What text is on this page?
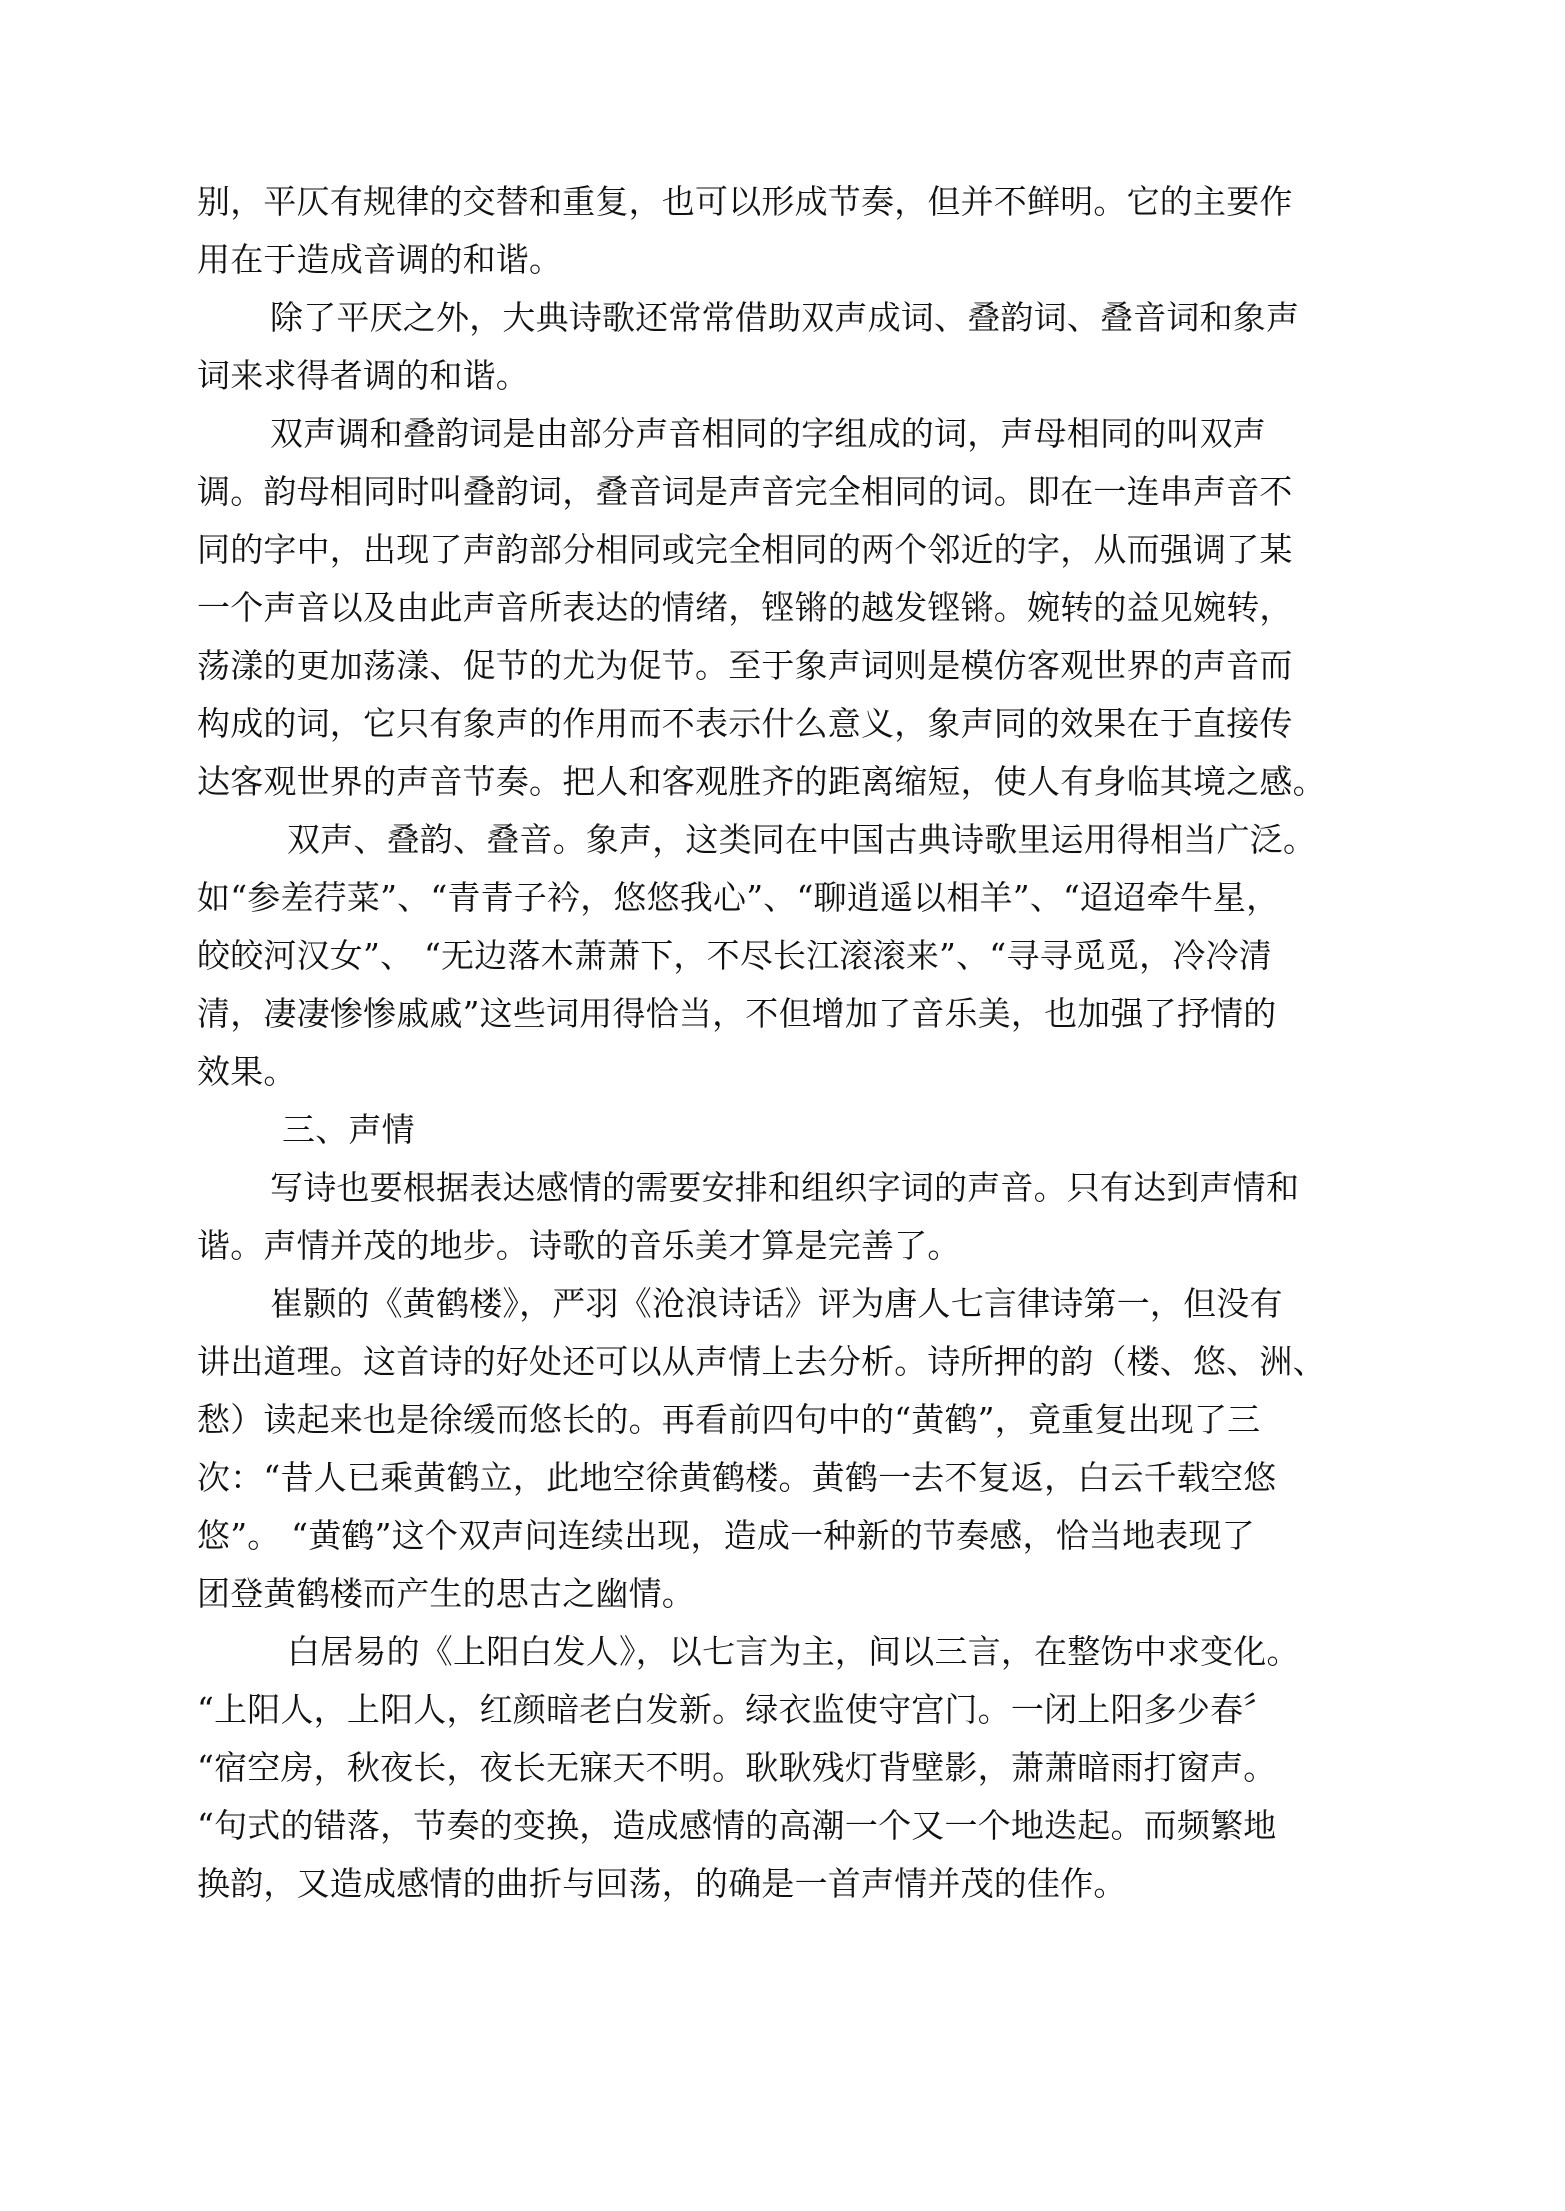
别，平仄有规律的交替和重复，也可以形成节奏，但并不鲜明。它的主要作
用在于造成音调的和谐。
除了平厌之外，大典诗歌还常常借助双声成词、叠韵词、叠音词和象声
词来求得者调的和谐。
双声调和叠韵词是由部分声音相同的字组成的词，声母相同的叫双声
调。韵母相同时叫叠韵词，叠音词是声音完全相同的词。即在一连串声音不
同的字中，出现了声韵部分相同或完全相同的两个邻近的字，从而强调了某
一个声音以及由此声音所表达的情绪，铿锵的越发铿锵。婉转的益见婉转，
荡漾的更加荡漾、促节的尤为促节。至于象声词则是模仿客观世界的声音而
构成的词，它只有象声的作用而不表示什么意义，象声同的效果在于直接传
达客观世界的声音节奏。把人和客观胜齐的距离缩短，使人有身临其境之感。
双声、叠韵、叠音。象声，这类同在中国古典诗歌里运用得相当广泛。
如“参差荇菜”、“青青子衿，悠悠我心”、“聊逍遥以相羊”、“迢迢牵牛星，
皎皎河汉女”、 “无边落木萧萧下，不尽长江滚滚来”、“寻寻觅觅，冷冷清
清，凄凄惨惨戚戚”这些词用得恰当，不但增加了音乐美，也加强了抒情的
效果。
三、声情
写诗也要根据表达感情的需要安排和组织字词的声音。只有达到声情和
谐。声情并茂的地步。诗歌的音乐美才算是完善了。
崔颢的《黄鹤楼》，严羽《沧浪诗话》评为唐人七言律诗第一，但没有
讲出道理。这首诗的好处还可以从声情上去分析。诗所押的韵（楼、悠、洲、
愁）读起来也是徐缓而悠长的。再看前四句中的“黄鹤”，竟重复出现了三
次：“昔人已乘黄鹤立，此地空徐黄鹤楼。黄鹤一去不复返，白云千载空悠
悠”。 “黄鹤”这个双声问连续出现，造成一种新的节奏感，恰当地表现了
团登黄鹤楼而产生的思古之幽情。
白居易的《上阳白发人》，以七言为主，间以三言，在整饬中求变化。
“上阳人，上阳人，红颜暗老白发新。绿衣监使守宫门。一闭上阳多少春〞
“宿空房，秋夜长，夜长无寐天不明。耿耿残灯背壁影，萧萧暗雨打窗声。
“句式的错落，节奏的变换，造成感情的高潮一个又一个地迭起。而频繁地
换韵，又造成感情的曲折与回荡，的确是一首声情并茂的佳作。
